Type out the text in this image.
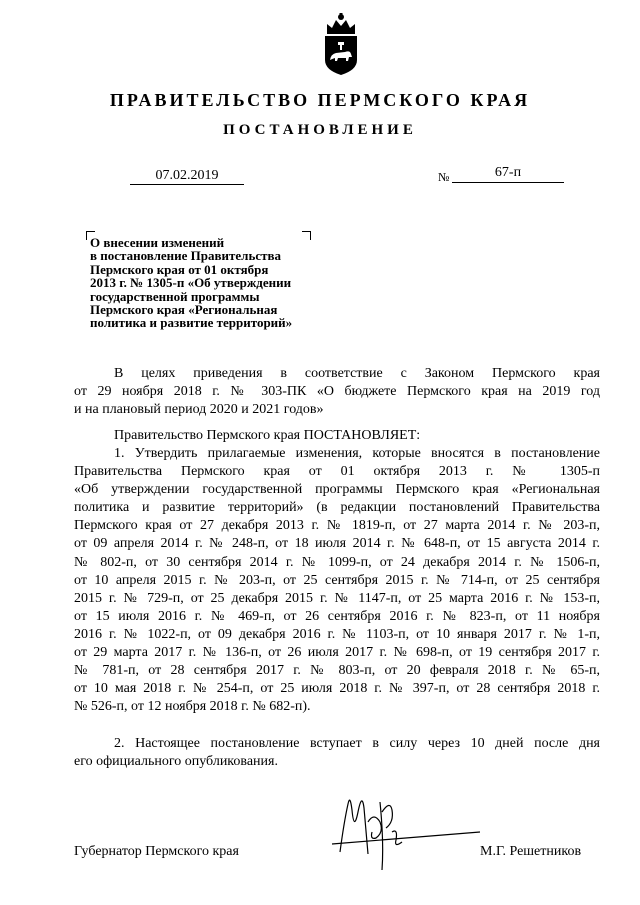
ПРАВИТЕЛЬСТВО ПЕРМСКОГО КРАЯ
ПОСТАНОВЛЕНИЕ
07.02.2019	№	67-п
О внесении изменений
в постановление Правительства
Пермского края от 01 октября
2013 г. № 1305-п «Об утверждении
государственной программы
Пермского края «Региональная
политика и развитие территорий»
В целях приведения в соответствие с Законом Пермского края
от 29 ноября 2018 г. № 303-ПК «О бюджете Пермского края на 2019 год
и на плановый период 2020 и 2021 годов»
Правительство Пермского края ПОСТАНОВЛЯЕТ:
1. Утвердить прилагаемые изменения, которые вносятся в постановление
Правительства Пермского края от 01 октября 2013 г. № 1305-п
«Об утверждении государственной программы Пермского края «Региональная
политика и развитие территорий» (в редакции постановлений Правительства
Пермского края от 27 декабря 2013 г. № 1819-п, от 27 марта 2014 г. № 203-п,
от 09 апреля 2014 г. № 248-п, от 18 июля 2014 г. № 648-п, от 15 августа 2014 г.
№ 802-п, от 30 сентября 2014 г. № 1099-п, от 24 декабря 2014 г. № 1506-п,
от 10 апреля 2015 г. № 203-п, от 25 сентября 2015 г. № 714-п, от 25 сентября
2015 г. № 729-п, от 25 декабря 2015 г. № 1147-п, от 25 марта 2016 г. № 153-п,
от 15 июля 2016 г. № 469-п, от 26 сентября 2016 г. № 823-п, от 11 ноября
2016 г. № 1022-п, от 09 декабря 2016 г. № 1103-п, от 10 января 2017 г. № 1-п,
от 29 марта 2017 г. № 136-п, от 26 июля 2017 г. № 698-п, от 19 сентября 2017 г.
№ 781-п, от 28 сентября 2017 г. № 803-п, от 20 февраля 2018 г. № 65-п,
от 10 мая 2018 г. № 254-п, от 25 июля 2018 г. № 397-п, от 28 сентября 2018 г.
№ 526-п, от 12 ноября 2018 г. № 682-п).
2. Настоящее постановление вступает в силу через 10 дней после дня
его официального опубликования.
Губернатор Пермского края	М.Г. Решетников
